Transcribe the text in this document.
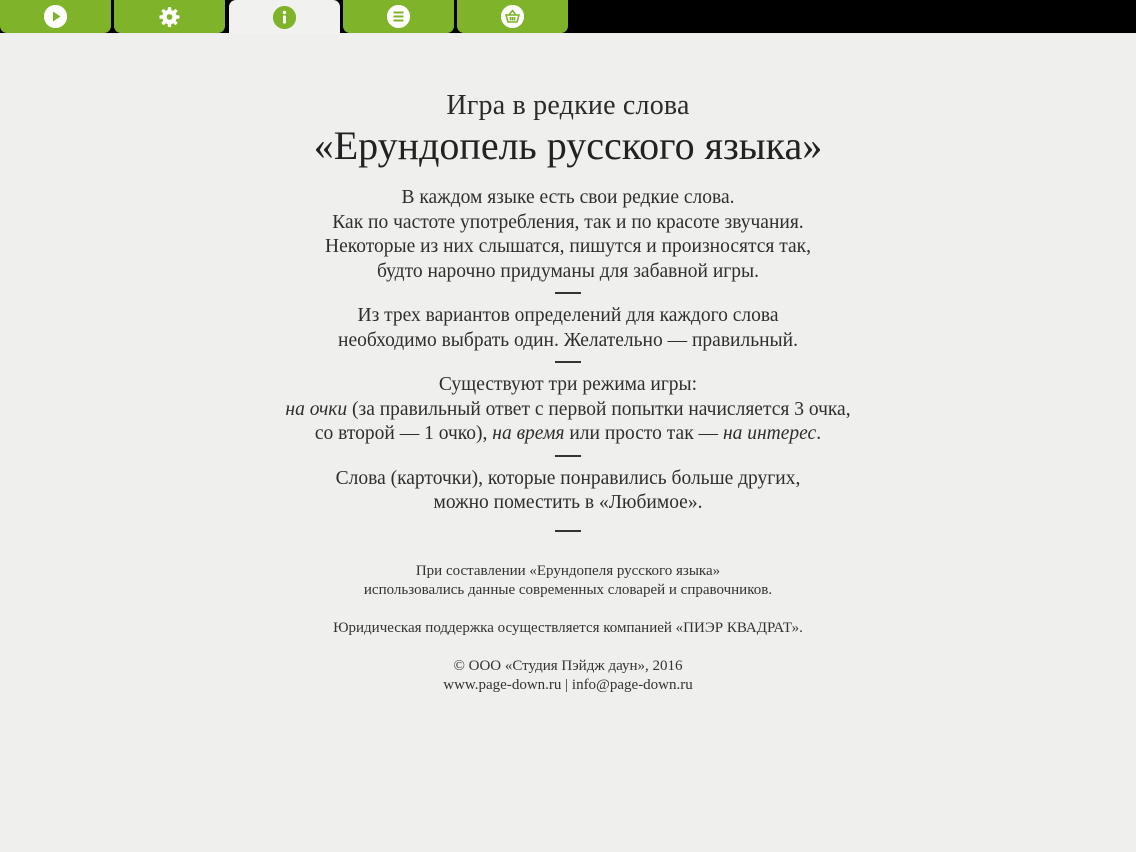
Игра в редкие слова
«Ерундопель русского языка»
В каждом языке есть свои редкие слова.
Как по частоте употребления, так и по красоте звучания.
Некоторые из них слышатся, пишутся и произносятся так,
будто нарочно придуманы для забавной игры.
Из трех вариантов определений для каждого слова
необходимо выбрать один. Желательно — правильный.
Существуют три режима игры:
на очки (за правильный ответ с первой попытки начисляется 3 очка,
со второй — 1 очко), на время или просто так — на интерес.
Слова (карточки), которые понравились больше других,
можно поместить в «Любимое».
При составлении «Ерундопеля русского языка»
использовались данные современных словарей и справочников.
Юридическая поддержка осуществляется компанией «ПИЭР КВАДРАТ».
© ООО «Студия Пэйдж даун», 2016
www.page-down.ru | info@page-down.ru
